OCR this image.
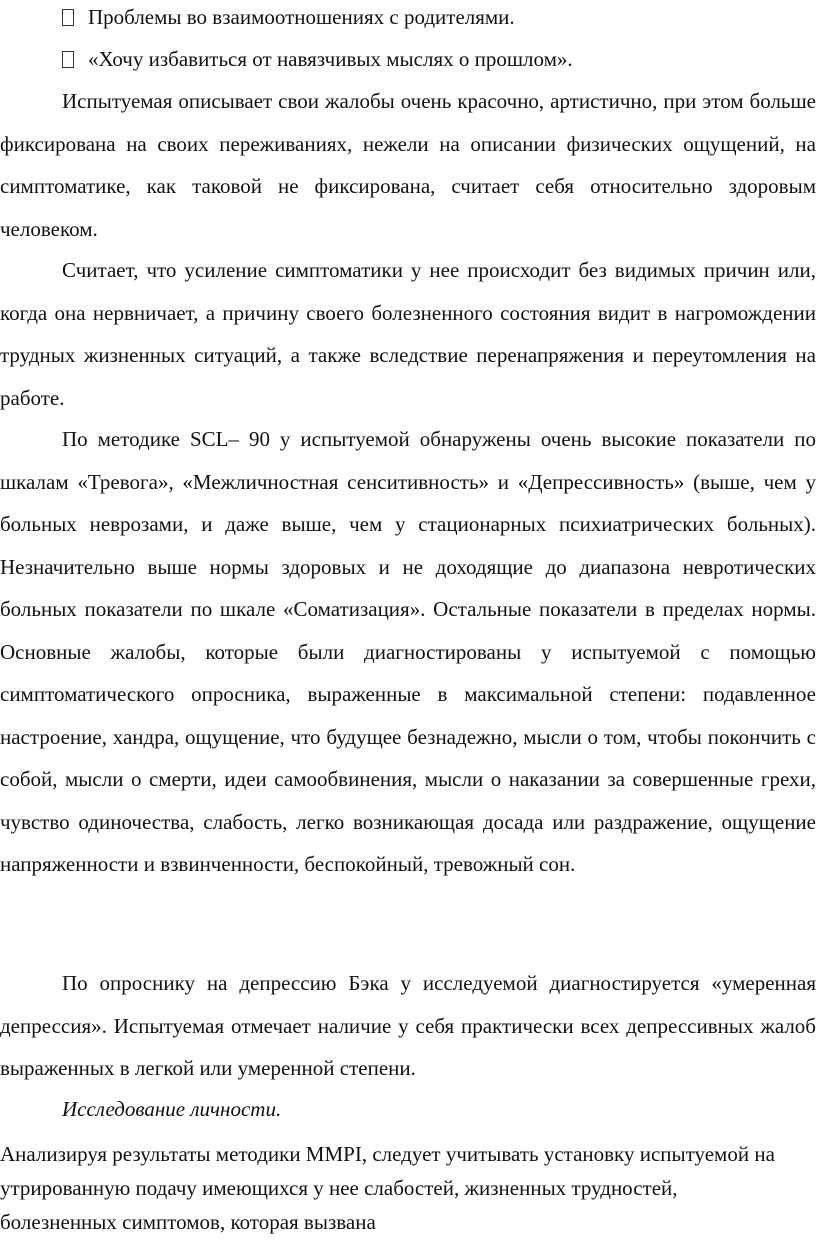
Проблемы во взаимоотношениях с родителями.
«Хочу избавиться от навязчивых мыслях о прошлом».

Испытуемая описывает свои жалобы очень красочно, артистично, при этом больше фиксирована на своих переживаниях, нежели на описании физических ощущений, на симптоматике, как таковой не фиксирована, считает себя относительно здоровым человеком.

Считает, что усиление симптоматики у нее происходит без видимых причин или, когда она нервничает, а причину своего болезненного состояния видит в нагромождении трудных жизненных ситуаций, а также вследствие перенапряжения и переутомления на работе.

По методике SCL– 90 у испытуемой обнаружены очень высокие показатели по шкалам «Тревога», «Межличностная сенситивность» и «Депрессивность» (выше, чем у больных неврозами, и даже выше, чем у стационарных психиатрических больных). Незначительно выше нормы здоровых и не доходящие до диапазона невротических больных показатели по шкале «Соматизация». Остальные показатели в пределах нормы. Основные жалобы, которые были диагностированы у испытуемой с помощью симптоматического опросника, выраженные в максимальной степени: подавленное настроение, хандра, ощущение, что будущее безнадежно, мысли о том, чтобы покончить с собой, мысли о смерти, идеи самообвинения, мысли о наказании за совершенные грехи, чувство одиночества, слабость, легко возникающая досада или раздражение, ощущение напряженности и взвинченности, беспокойный, тревожный сон.

По опроснику на депрессию Бэка у исследуемой диагностируется «умеренная депрессия». Испытуемая отмечает наличие у себя практически всех депрессивных жалоб выраженных в легкой или умеренной степени.

Исследование личности.

Анализируя результаты методики MMPI, следует учитывать установку испытуемой на утрированную подачу имеющихся у нее слабостей, жизненных трудностей, болезненных симптомов, которая вызвана
